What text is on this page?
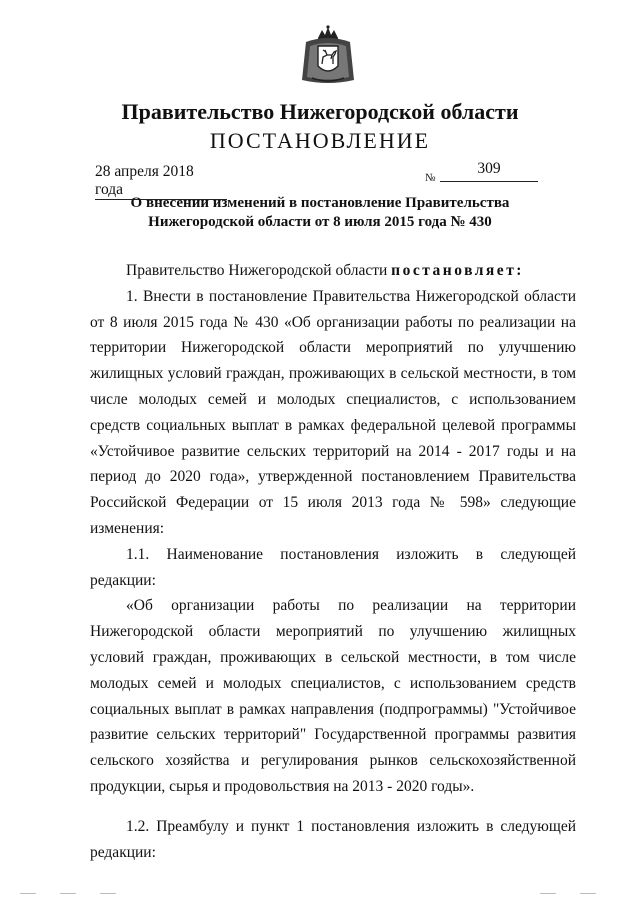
Правительство Нижегородской области
ПОСТАНОВЛЕНИЕ
28 апреля 2018 года
№
309
О внесении изменений в постановление Правительства
Нижегородской области от 8 июля 2015 года № 430

Правительство Нижегородской области постановляет:

1. Внести в постановление Правительства Нижегородской области от 8 июля 2015 года № 430 «Об организации работы по реализации на территории Нижегородской области мероприятий по улучшению жилищных условий граждан, проживающих в сельской местности, в том числе молодых семей и молодых специалистов, с использованием средств социальных выплат в рамках федеральной целевой программы «Устойчивое развитие сельских территорий на 2014 - 2017 годы и на период до 2020 года», утвержденной постановлением Правительства Российской Федерации от 15 июля 2013 года № 598» следующие изменения:

1.1. Наименование постановления изложить в следующей редакции:

«Об организации работы по реализации на территории Нижегородской области мероприятий по улучшению жилищных условий граждан, проживающих в сельской местности, в том числе молодых семей и молодых специалистов, с использованием средств социальных выплат в рамках направления (подпрограммы) "Устойчивое развитие сельских территорий" Государственной программы развития сельского хозяйства и регулирования рынков сельскохозяйственной продукции, сырья и продовольствия на 2013 - 2020 годы».

1.2. Преамбулу и пункт 1 постановления изложить в следующей редакции:
